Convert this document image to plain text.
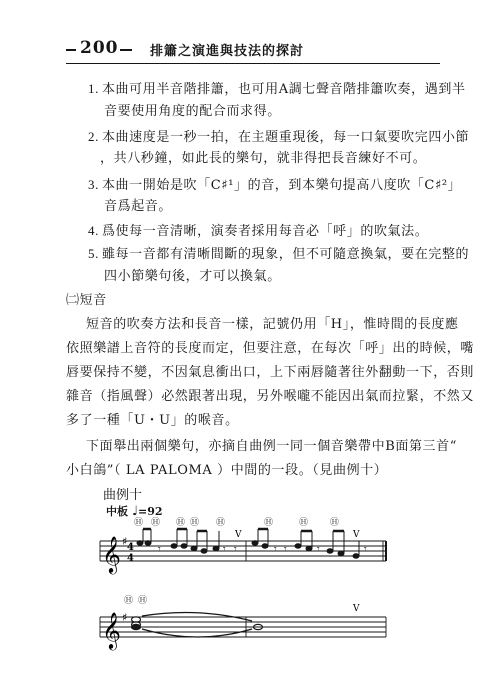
200 排簫之演進與技法的探討
1. 本曲可用半音階排簫，也可用A調七聲音階排簫吹奏，遇到半
音要使用角度的配合而求得。
2. 本曲速度是一秒一拍，在主題重現後，每一口氣要吹完四小節
，共八秒鐘，如此長的樂句，就非得把長音練好不可。
3. 本曲一開始是吹「C♯¹」的音，到本樂句提高八度吹「C♯²」
音爲起音。
4. 爲使每一音清晰，演奏者採用每音必「呼」的吹氣法。
5. 雖每一音都有清晰間斷的現象，但不可隨意換氣，要在完整的
四小節樂句後，才可以換氣。
㈡短音
短音的吹奏方法和長音一樣，記號仍用「H」，惟時間的長度應
依照樂譜上音符的長度而定，但要注意，在每次「呼」出的時候，嘴
唇要保持不變，不因氣息衝出口，上下兩唇隨著往外翻動一下，否則
雜音（指風聲）必然跟著出現，另外喉嚨不能因出氣而拉緊，不然又
多了一種「U・U」的喉音。
下面舉出兩個樂句，亦摘自曲例一同一個音樂帶中B面第三首“
小白鴿”（ LA PALOMA ）中間的一段。（見曲例十）
曲例十
中板 ♩=92
Ⓗ Ⓗ Ⓗ Ⓗ Ⓗ	Ⓗ	Ⓗ Ⓗ
V	V
𝄞 ♯ 4
4
𝄾	𝄾 𝄾	𝄾 𝄾	𝄾	𝄾
Ⓗ Ⓗ
V
𝄞 ♯
